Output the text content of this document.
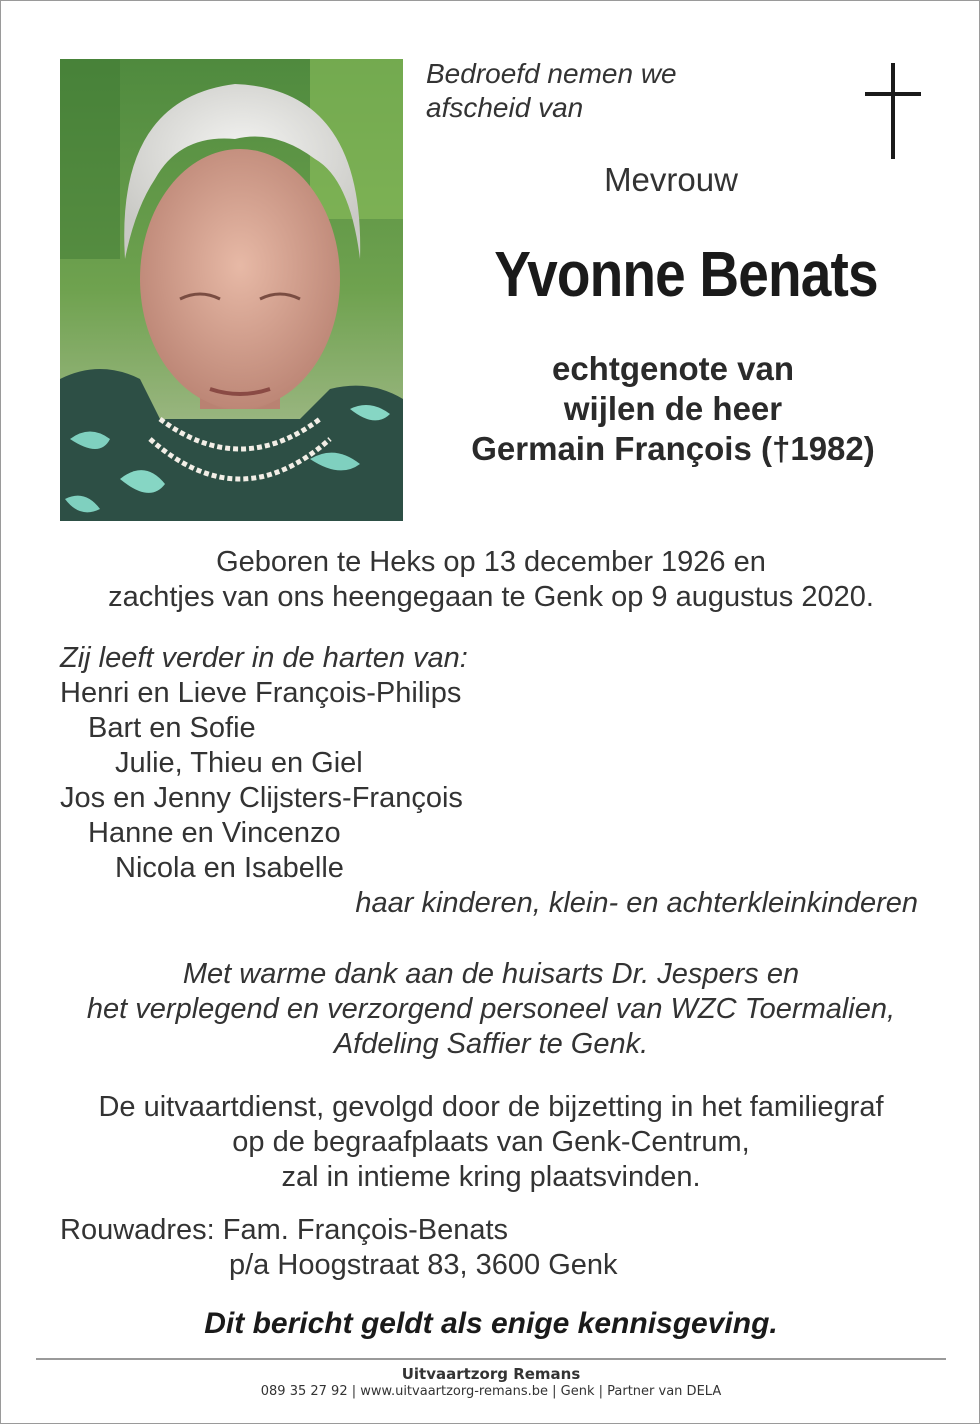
Bedroefd nemen we
afscheid van
Mevrouw
Yvonne Benats
echtgenote van
wijlen de heer
Germain François (†1982)
Geboren te Heks op 13 december 1926 en
zachtjes van ons heengegaan te Genk op 9 augustus 2020.
Zij leeft verder in de harten van:
Henri en Lieve François-Philips
Bart en Sofie
Julie, Thieu en Giel
Jos en Jenny Clijsters-François
Hanne en Vincenzo
Nicola en Isabelle
haar kinderen, klein- en achterkleinkinderen
Met warme dank aan de huisarts Dr. Jespers en
het verplegend en verzorgend personeel van WZC Toermalien,
Afdeling Saffier te Genk.
De uitvaartdienst, gevolgd door de bijzetting in het familiegraf
op de begraafplaats van Genk-Centrum,
zal in intieme kring plaatsvinden.
Rouwadres: Fam. François-Benats
p/a Hoogstraat 83, 3600 Genk
Dit bericht geldt als enige kennisgeving.
Uitvaartzorg Remans
089 35 27 92 | www.uitvaartzorg-remans.be | Genk | Partner van DELA
